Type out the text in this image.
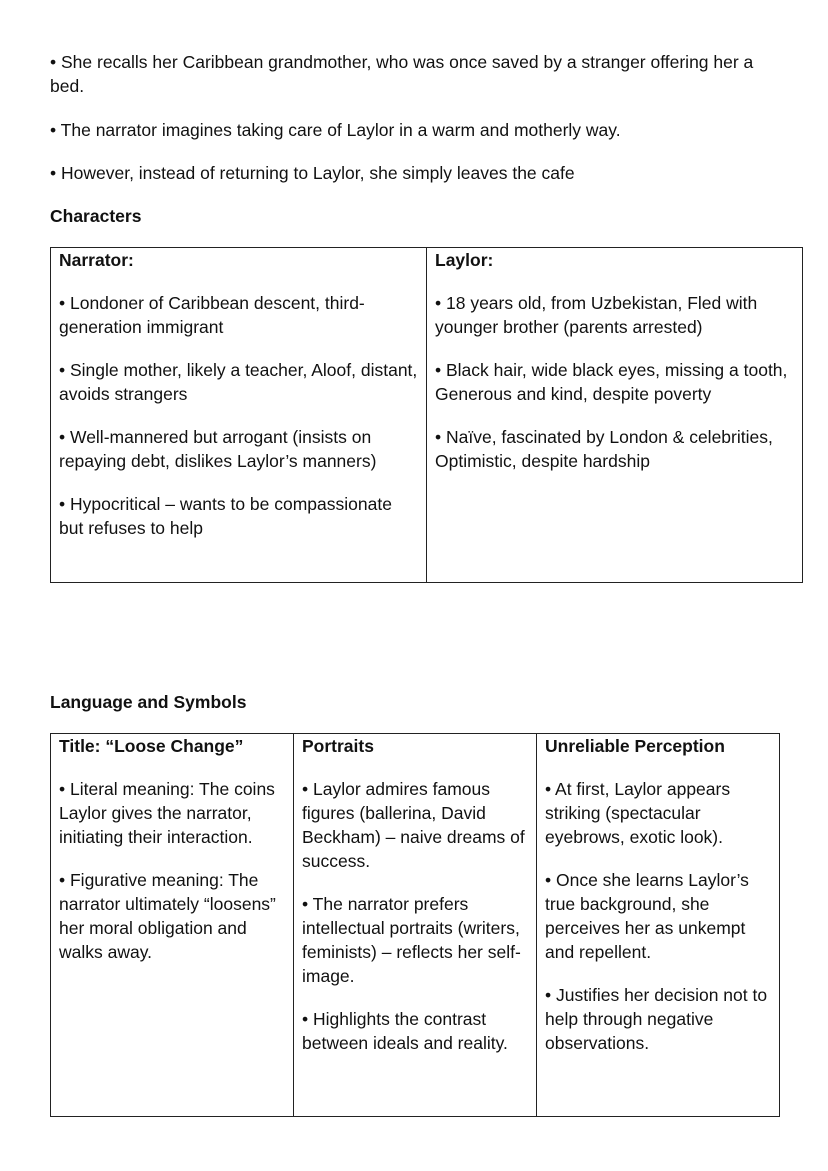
• She recalls her Caribbean grandmother, who was once saved by a stranger offering her a bed.

• The narrator imagines taking care of Laylor in a warm and motherly way.

• However, instead of returning to Laylor, she simply leaves the cafe

Characters

Narrator:
• Londoner of Caribbean descent, third-generation immigrant
• Single mother, likely a teacher, Aloof, distant, avoids strangers
• Well-mannered but arrogant (insists on repaying debt, dislikes Laylor’s manners)
• Hypocritical – wants to be compassionate but refuses to help

Laylor:
• 18 years old, from Uzbekistan, Fled with younger brother (parents arrested)
• Black hair, wide black eyes, missing a tooth, Generous and kind, despite poverty
• Naïve, fascinated by London & celebrities, Optimistic, despite hardship

Language and Symbols

Title: “Loose Change”
• Literal meaning: The coins Laylor gives the narrator, initiating their interaction.
• Figurative meaning: The narrator ultimately “loosens” her moral obligation and walks away.

Portraits
• Laylor admires famous figures (ballerina, David Beckham) – naive dreams of success.
• The narrator prefers intellectual portraits (writers, feminists) – reflects her self-image.
• Highlights the contrast between ideals and reality.

Unreliable Perception
• At first, Laylor appears striking (spectacular eyebrows, exotic look).
• Once she learns Laylor’s true background, she perceives her as unkempt and repellent.
• Justifies her decision not to help through negative observations.
